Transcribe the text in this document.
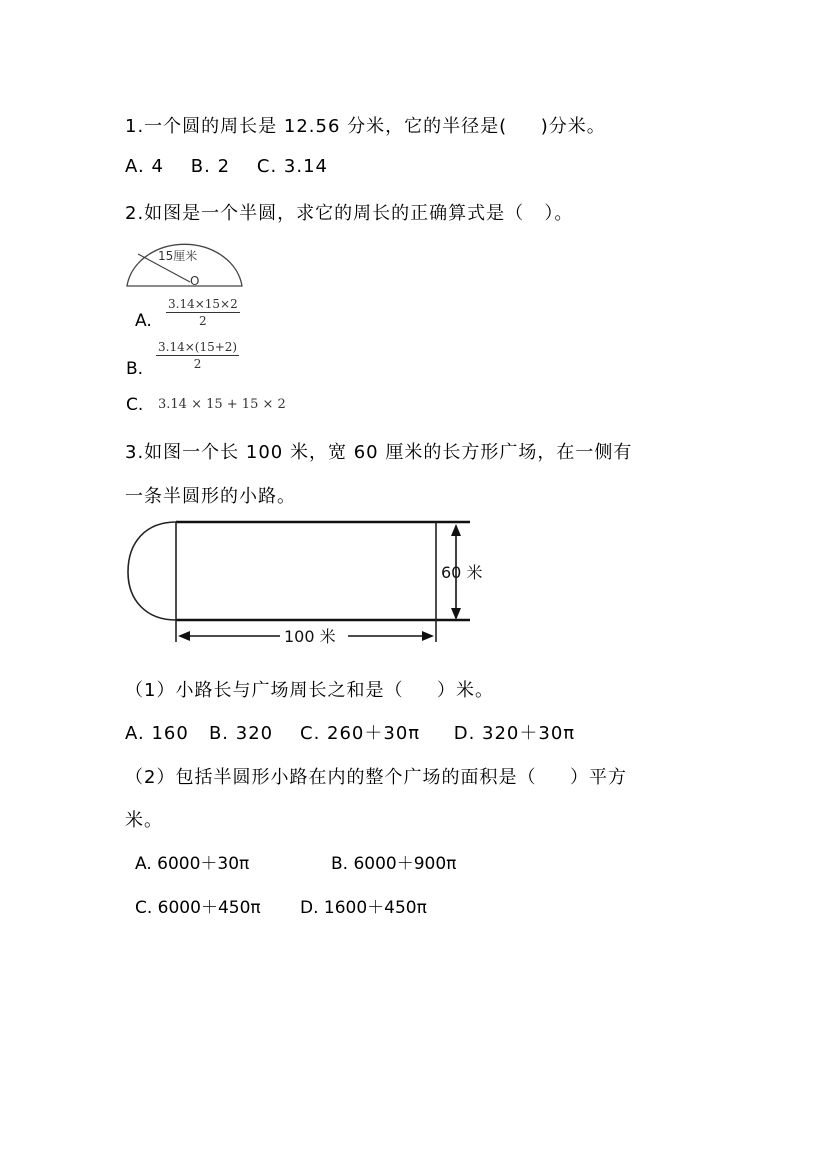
1.一个圆的周长是 12.56 分米，它的半径是(     )分米。
A. 4    B. 2    C. 3.14
2.如图是一个半圆，求它的周长的正确算式是（   ）。
15厘米
O
A. $\frac{3.14\times 15\times 2}{2}$
B. $\frac{3.14\times(15+2)}{2}$
C. 3.14 × 15 + 15 × 2
3.如图一个长 100 米，宽 60 厘米的长方形广场，在一侧有
一条半圆形的小路。
60 米
100 米
（1）小路长与广场周长之和是（     ）米。
A. 160   B. 320    C. 260＋30π     D. 320＋30π
（2）包括半圆形小路在内的整个广场的面积是（     ）平方
米。
A. 6000＋30π	B. 6000＋900π
C. 6000＋450π D. 1600＋450π
